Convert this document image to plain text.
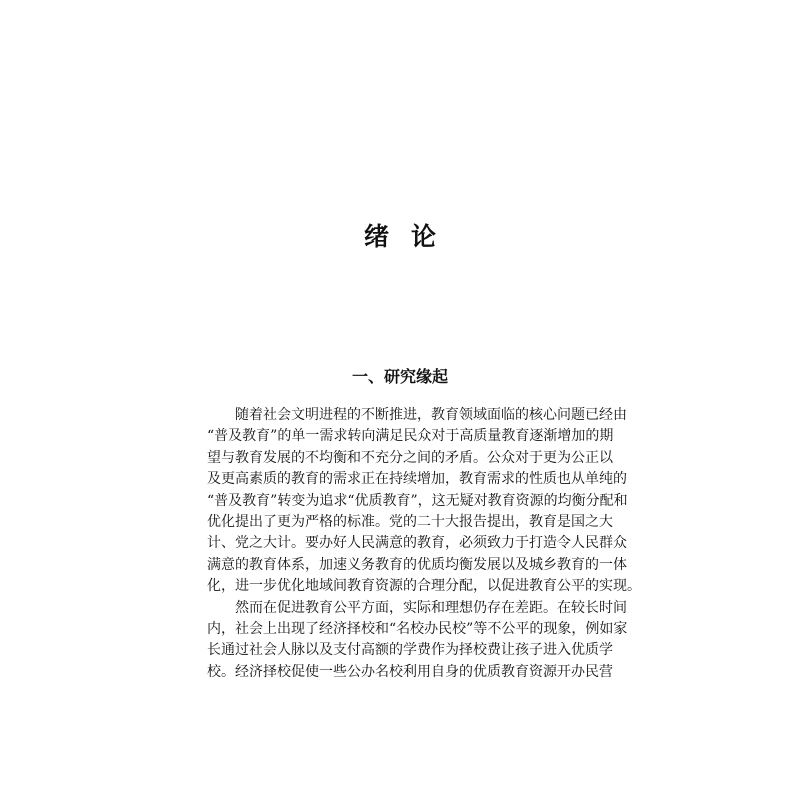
绪论
一、研究缘起
随着社会文明进程的不断推进，教育领域面临的核心问题已经由
“普及教育”的单一需求转向满足民众对于高质量教育逐渐增加的期
望与教育发展的不均衡和不充分之间的矛盾。公众对于更为公正以
及更高素质的教育的需求正在持续增加，教育需求的性质也从单纯的
“普及教育”转变为追求“优质教育”，这无疑对教育资源的均衡分配和
优化提出了更为严格的标准。党的二十大报告提出，教育是国之大
计、党之大计。要办好人民满意的教育，必须致力于打造令人民群众
满意的教育体系，加速义务教育的优质均衡发展以及城乡教育的一体
化，进一步优化地域间教育资源的合理分配，以促进教育公平的实现。
然而在促进教育公平方面，实际和理想仍存在差距。在较长时间
内，社会上出现了经济择校和“名校办民校”等不公平的现象，例如家
长通过社会人脉以及支付高额的学费作为择校费让孩子进入优质学
校。经济择校促使一些公办名校利用自身的优质教育资源开办民营
